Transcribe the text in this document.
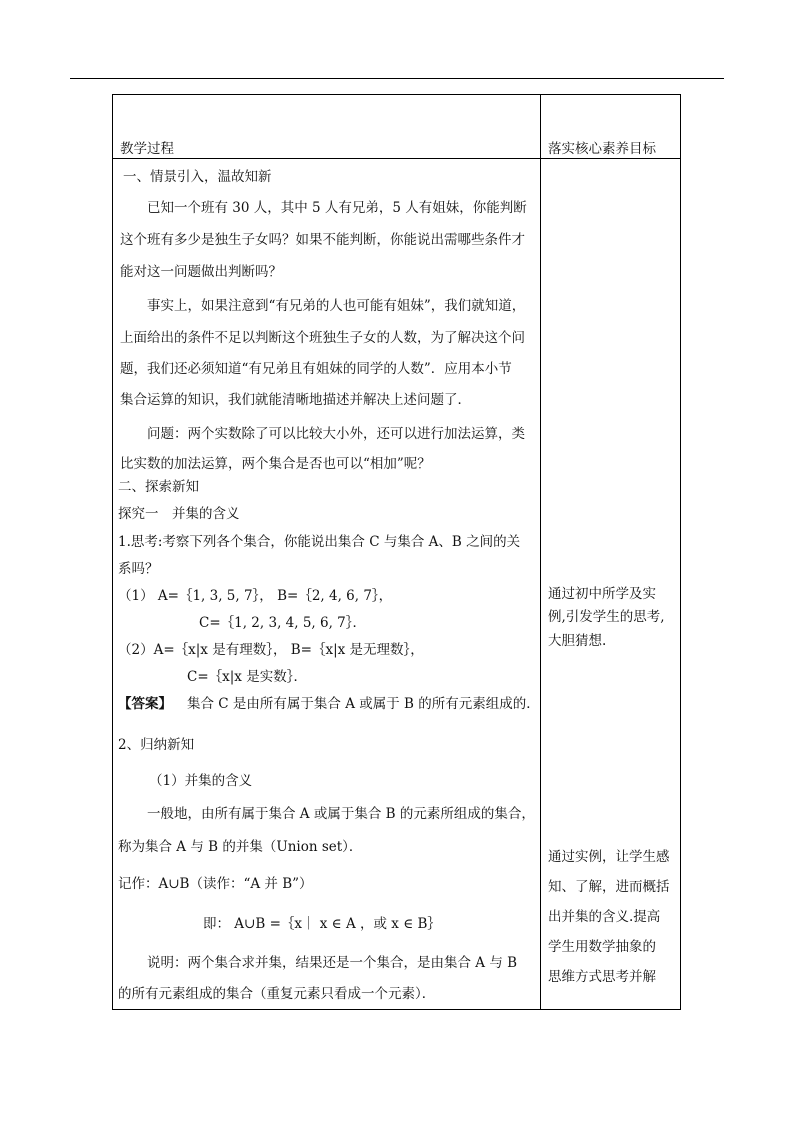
教学过程	落实核心素养目标
一、情景引入，温故知新
已知一个班有 30 人，其中 5 人有兄弟，5 人有姐妹，你能判断
这个班有多少是独生子女吗？如果不能判断，你能说出需哪些条件才
能对这一问题做出判断吗？
事实上，如果注意到“有兄弟的人也可能有姐妹”，我们就知道，
上面给出的条件不足以判断这个班独生子女的人数，为了解决这个问
题，我们还必须知道“有兄弟且有姐妹的同学的人数”．应用本小节
集合运算的知识，我们就能清晰地描述并解决上述问题了．
问题：两个实数除了可以比较大小外，还可以进行加法运算，类
比实数的加法运算，两个集合是否也可以“相加”呢？
二、探索新知
探究一　并集的含义
1.思考:考察下列各个集合，你能说出集合 C 与集合 A、B 之间的关
系吗？
（1） A=｛1, 3, 5, 7｝， B=｛2, 4, 6, 7｝，
C=｛1, 2, 3, 4, 5, 6, 7｝．
（2）A=｛x|x 是有理数｝， B=｛x|x 是无理数｝，
C=｛x|x 是实数｝．
【答案】 集合 C 是由所有属于集合 A 或属于 B 的所有元素组成的．
2、归纳新知
（1）并集的含义
一般地，由所有属于集合 A 或属于集合 B 的元素所组成的集合，
称为集合 A 与 B 的并集（Union set）．
记作：A∪B（读作：“A 并 B”）
即： A∪B =｛x｜ x ∈ A ，或 x ∈ B｝
说明：两个集合求并集，结果还是一个集合，是由集合 A 与 B
的所有元素组成的集合（重复元素只看成一个元素）．
通过初中所学及实
例,引发学生的思考,
大胆猜想.
通过实例，让学生感
知、了解，进而概括
出并集的含义.提高
学生用数学抽象的
思维方式思考并解
